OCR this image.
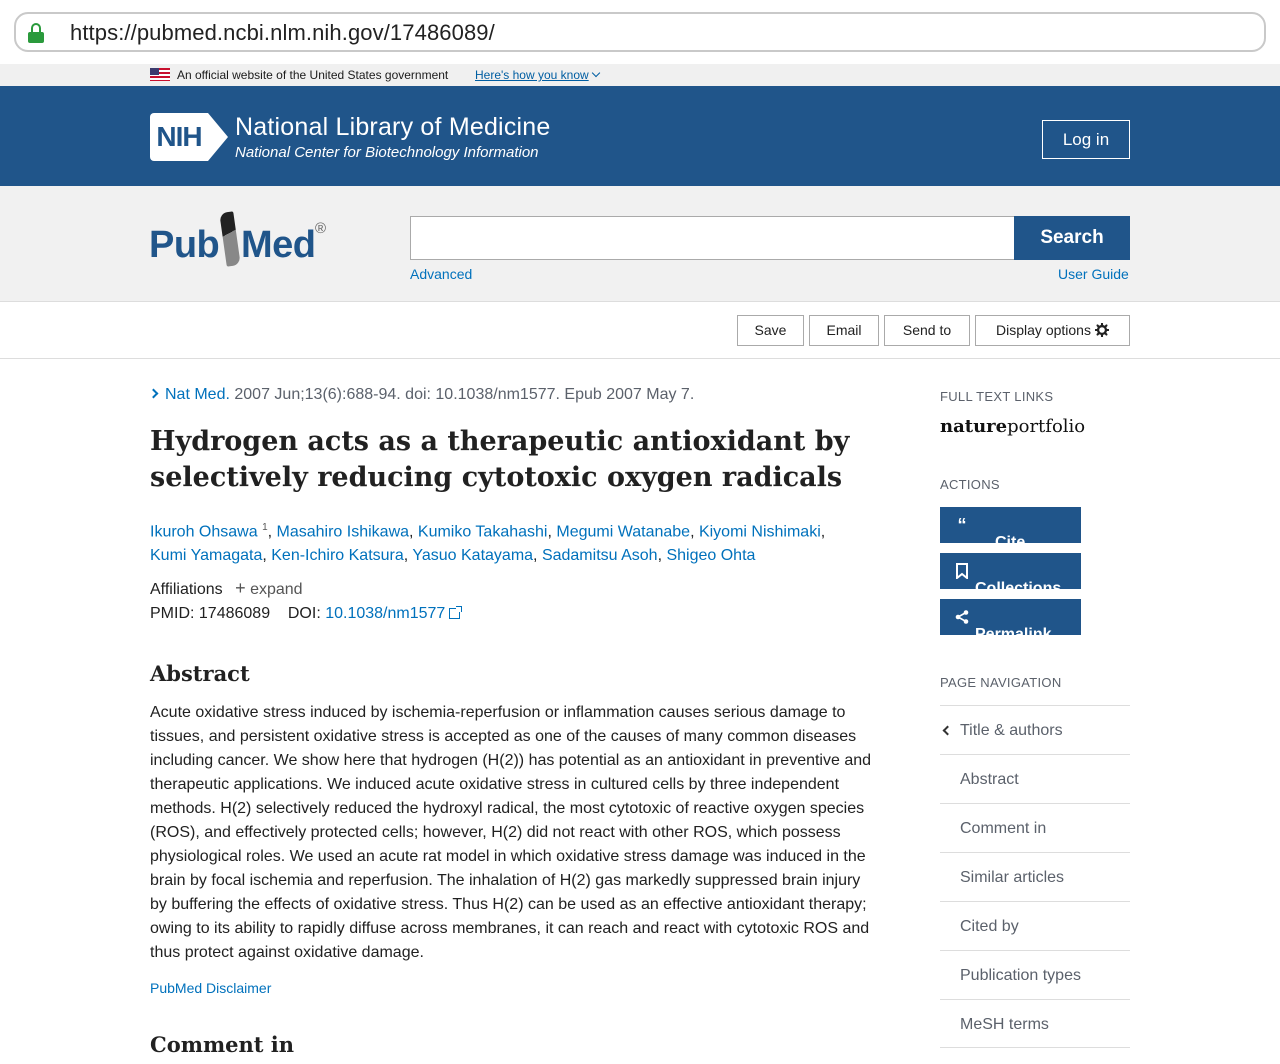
https://pubmed.ncbi.nlm.nih.gov/17486089/
An official website of the United States government Here's how you know
NIH National Library of Medicine
National Center for Biotechnology Information
Log in
Pub Med ®	Search
Advanced	User Guide
Save	Email	Send to	Display options
Nat Med. 2007 Jun;13(6):688-94. doi: 10.1038/nm1577. Epub 2007 May 7.
Hydrogen acts as a therapeutic antioxidant by selectively reducing cytotoxic oxygen radicals
Ikuroh Ohsawa $^1$, Masahiro Ishikawa, Kumiko Takahashi, Megumi Watanabe, Kiyomi Nishimaki,
Kumi Yamagata, Ken-Ichiro Katsura, Yasuo Katayama, Sadamitsu Asoh, Shigeo Ohta
Affiliations + expand
PMID: 17486089 DOI: 10.1038/nm1577
Abstract

Acute oxidative stress induced by ischemia-reperfusion or inflammation causes serious damage to tissues, and persistent oxidative stress is accepted as one of the causes of many common diseases including cancer. We show here that hydrogen (H(2)) has potential as an antioxidant in preventive and therapeutic applications. We induced acute oxidative stress in cultured cells by three independent methods. H(2) selectively reduced the hydroxyl radical, the most cytotoxic of reactive oxygen species (ROS), and effectively protected cells; however, H(2) did not react with other ROS, which possess physiological roles. We used an acute rat model in which oxidative stress damage was induced in the brain by focal ischemia and reperfusion. The inhalation of H(2) gas markedly suppressed brain injury by buffering the effects of oxidative stress. Thus H(2) can be used as an effective antioxidant therapy; owing to its ability to rapidly diffuse across membranes, it can reach and react with cytotoxic ROS and thus protect against oxidative damage.

PubMed Disclaimer
Comment in
FULL TEXT LINKS
natureportfolio
ACTIONS
“
Cite
Collections
Permalink
PAGE NAVIGATION
Title & authors
Abstract
Comment in
Similar articles
Cited by
Publication types
MeSH terms
